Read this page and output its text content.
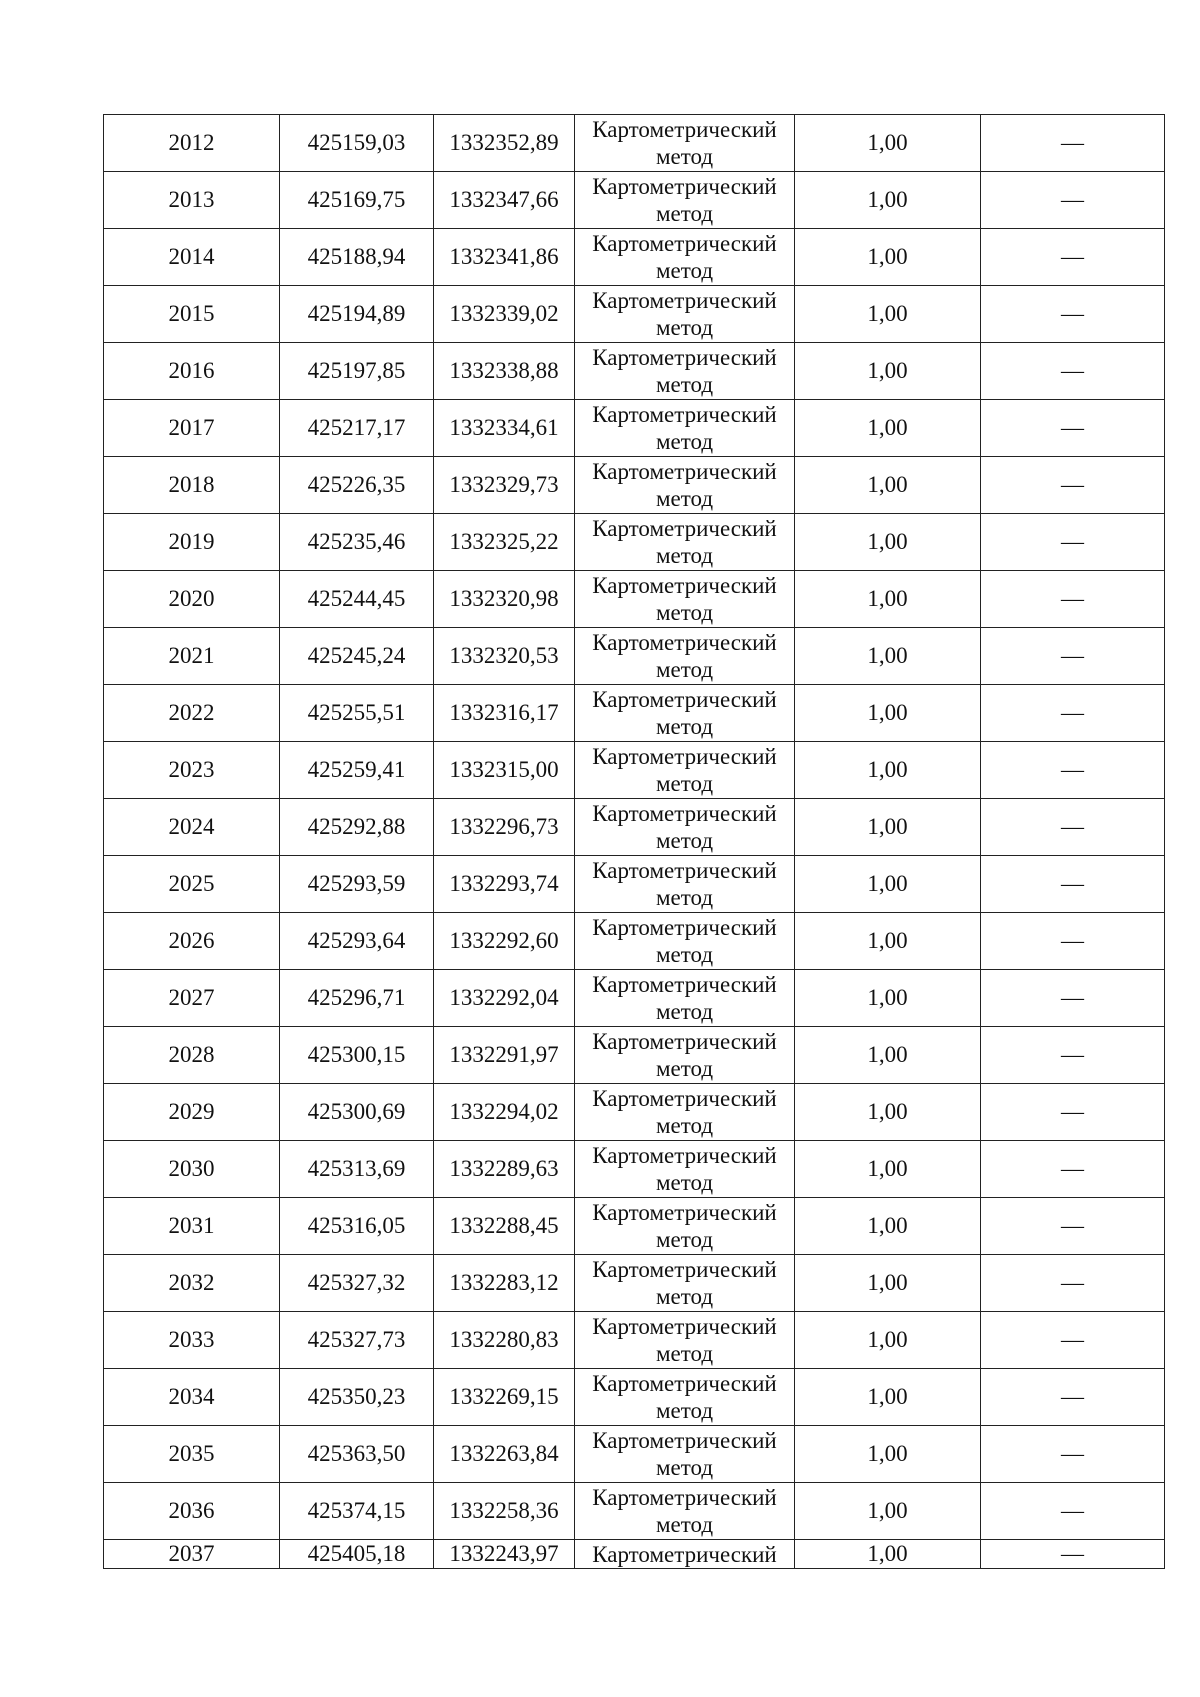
2012	425159,03	1332352,89	Картометрический метод	1,00	—
2013	425169,75	1332347,66	Картометрический метод	1,00	—
2014	425188,94	1332341,86	Картометрический метод	1,00	—
2015	425194,89	1332339,02	Картометрический метод	1,00	—
2016	425197,85	1332338,88	Картометрический метод	1,00	—
2017	425217,17	1332334,61	Картометрический метод	1,00	—
2018	425226,35	1332329,73	Картометрический метод	1,00	—
2019	425235,46	1332325,22	Картометрический метод	1,00	—
2020	425244,45	1332320,98	Картометрический метод	1,00	—
2021	425245,24	1332320,53	Картометрический метод	1,00	—
2022	425255,51	1332316,17	Картометрический метод	1,00	—
2023	425259,41	1332315,00	Картометрический метод	1,00	—
2024	425292,88	1332296,73	Картометрический метод	1,00	—
2025	425293,59	1332293,74	Картометрический метод	1,00	—
2026	425293,64	1332292,60	Картометрический метод	1,00	—
2027	425296,71	1332292,04	Картометрический метод	1,00	—
2028	425300,15	1332291,97	Картометрический метод	1,00	—
2029	425300,69	1332294,02	Картометрический метод	1,00	—
2030	425313,69	1332289,63	Картометрический метод	1,00	—
2031	425316,05	1332288,45	Картометрический метод	1,00	—
2032	425327,32	1332283,12	Картометрический метод	1,00	—
2033	425327,73	1332280,83	Картометрический метод	1,00	—
2034	425350,23	1332269,15	Картометрический метод	1,00	—
2035	425363,50	1332263,84	Картометрический метод	1,00	—
2036	425374,15	1332258,36	Картометрический метод	1,00	—
2037	425405,18	1332243,97	Картометрический	1,00	—
